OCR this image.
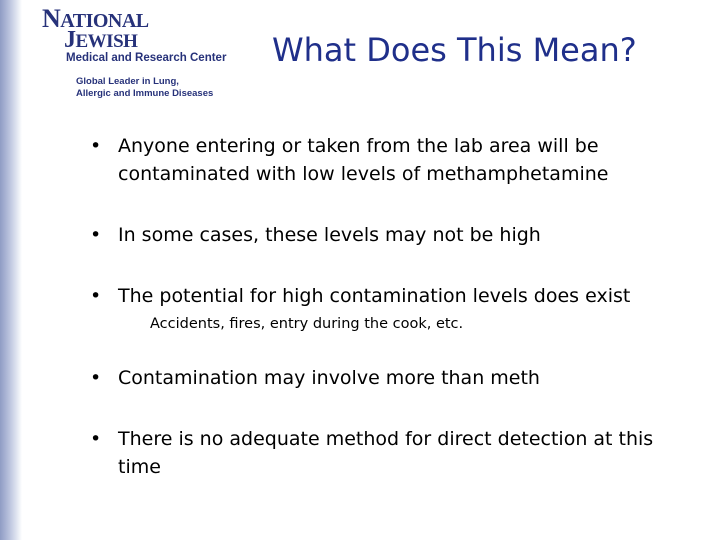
NATIONAL
JEWISH
Medical and Research Center
Global Leader in Lung, Allergic and Immune Diseases
What Does This Mean?
• Anyone entering or taken from the lab area will be contaminated with low levels of methamphetamine
• In some cases, these levels may not be high
• The potential for high contamination levels does exist
Accidents, fires, entry during the cook, etc.
• Contamination may involve more than meth
• There is no adequate method for direct detection at this time
